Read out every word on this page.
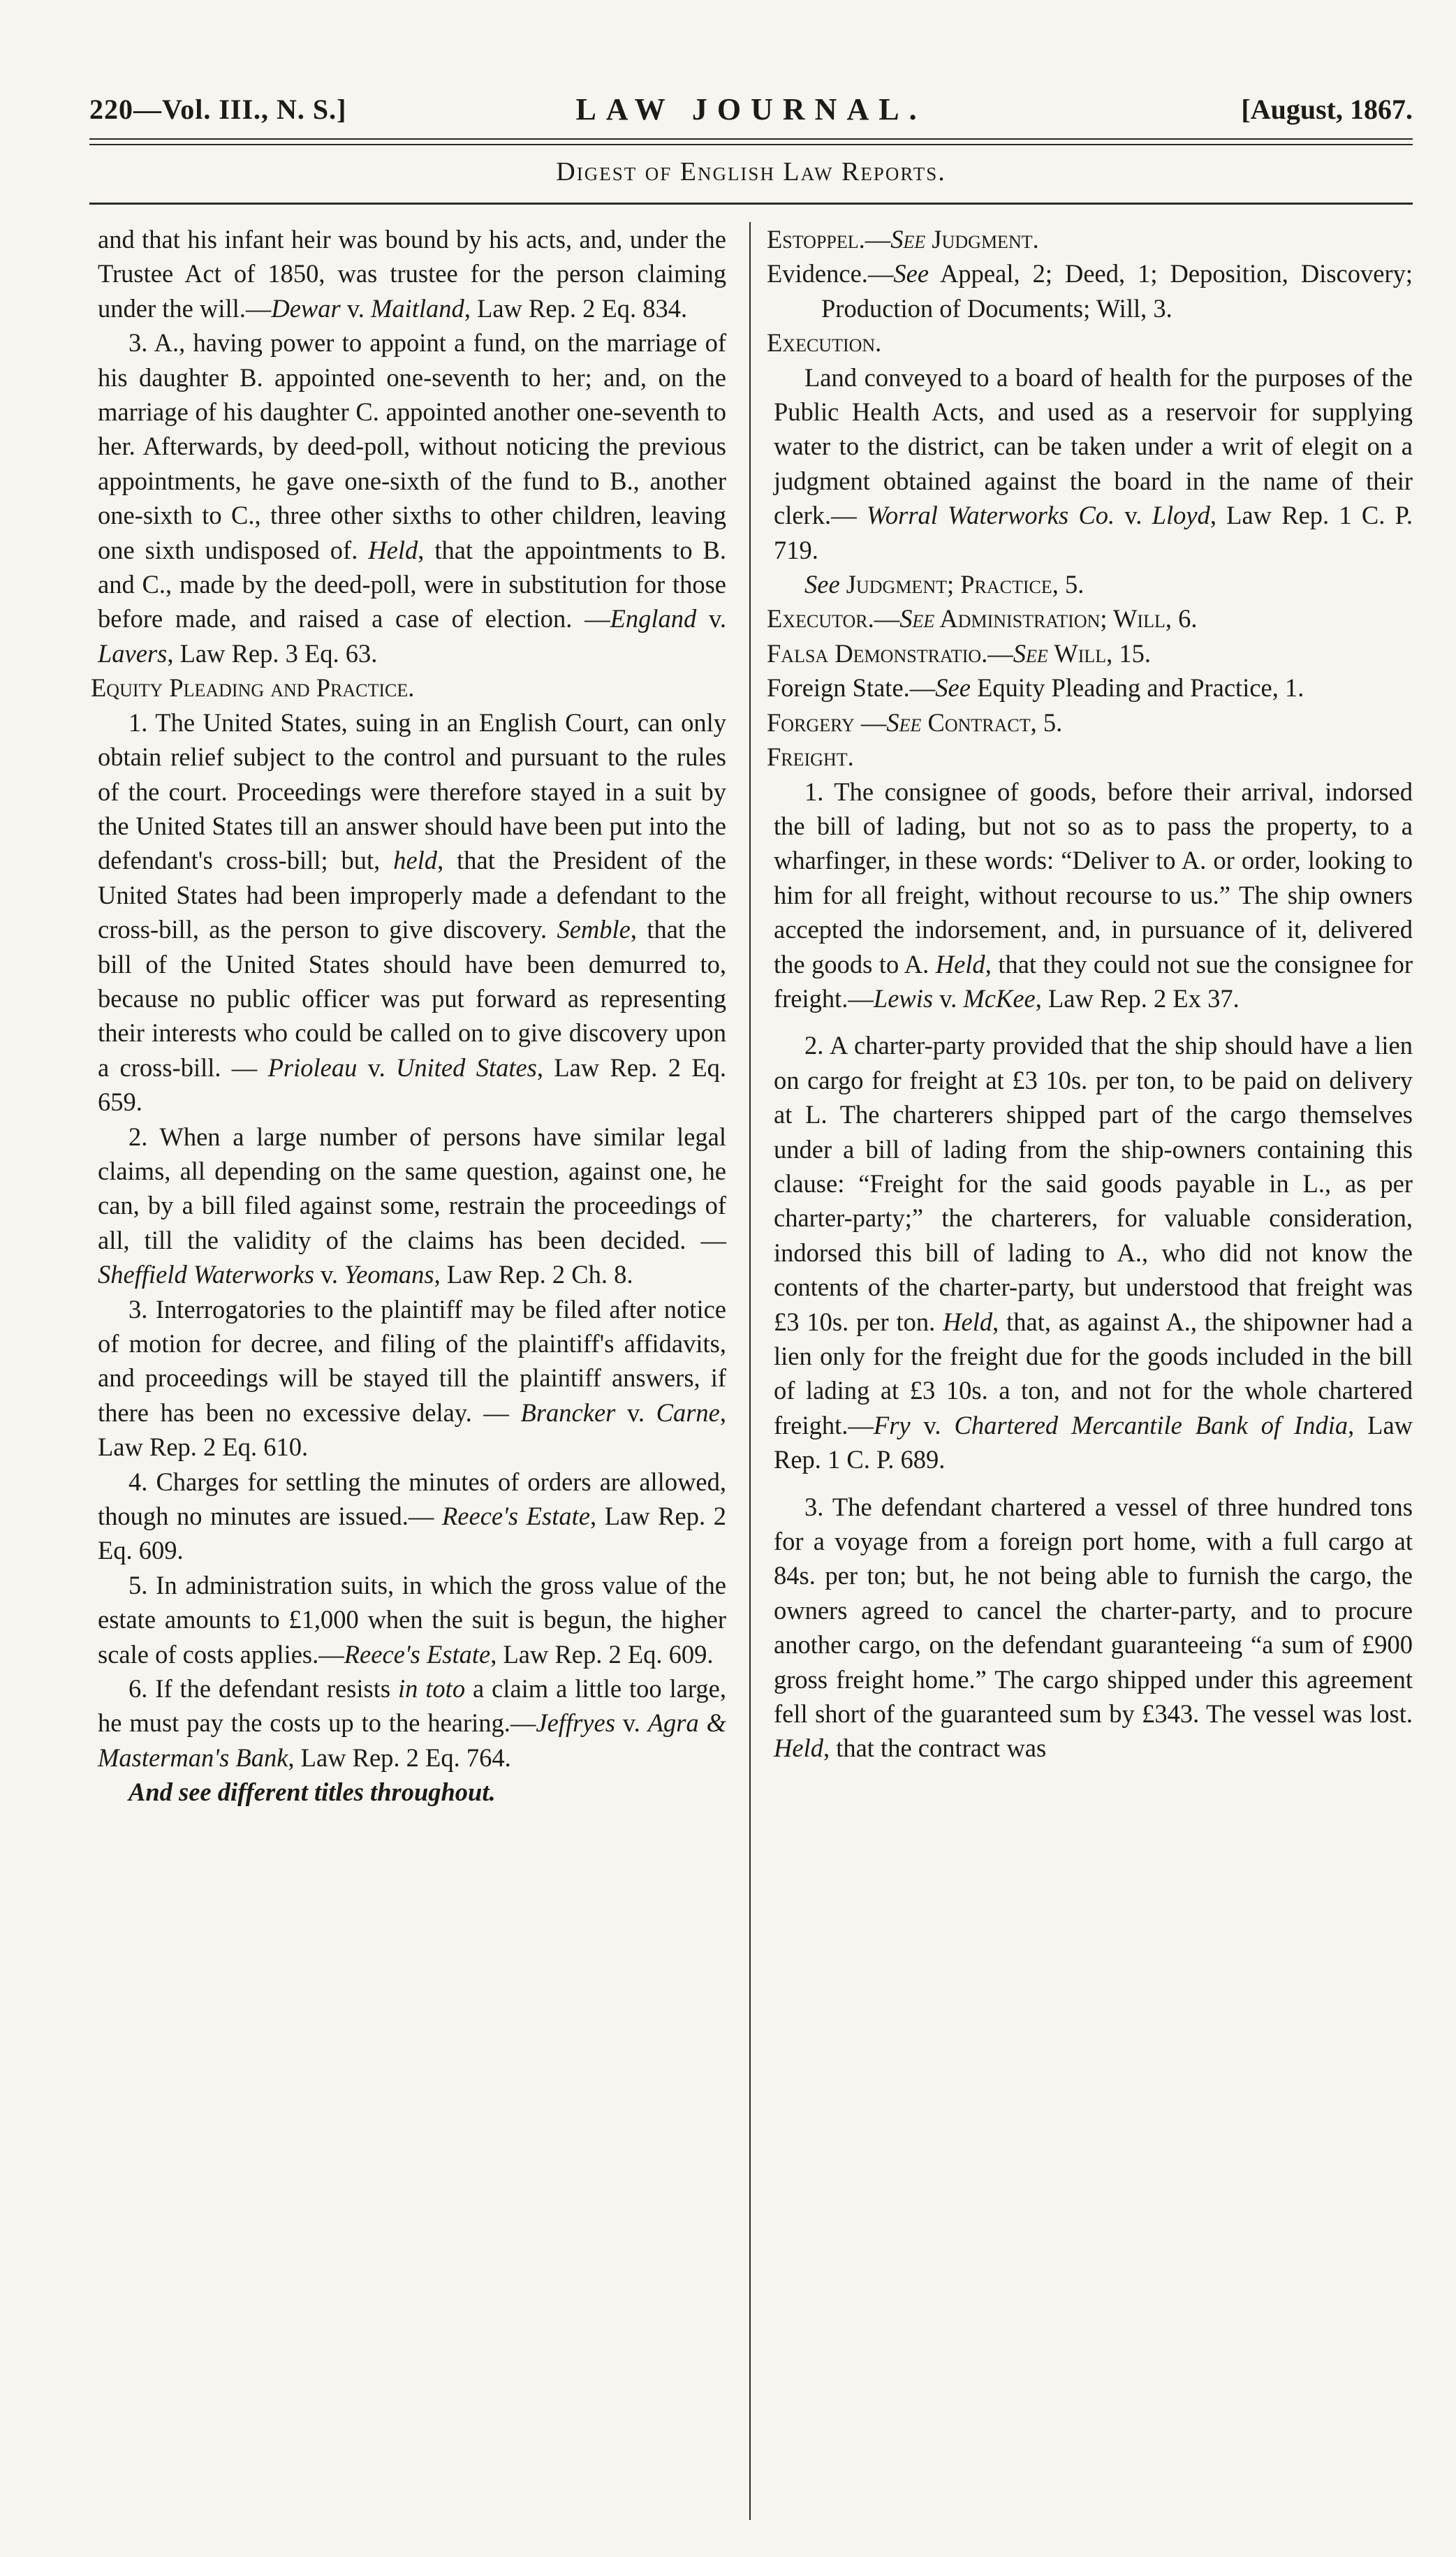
220—Vol. III., N. S.]	LAW JOURNAL.	[August, 1867.
Digest of English Law Reports.

and that his infant heir was bound by his acts, and, under the Trustee Act of 1850, was trustee for the person claiming under the will.—Dewar v. Maitland, Law Rep. 2 Eq. 834.

3. A., having power to appoint a fund, on the marriage of his daughter B. appointed one-seventh to her; and, on the marriage of his daughter C. appointed another one-seventh to her. Afterwards, by deed-poll, without noticing the previous appointments, he gave one-sixth of the fund to B., another one-sixth to C., three other sixths to other children, leaving one sixth undisposed of. Held, that the appointments to B. and C., made by the deed-poll, were in substitution for those before made, and raised a case of election. —England v. Lavers, Law Rep. 3 Eq. 63.

Equity Pleading and Practice.

1. The United States, suing in an English Court, can only obtain relief subject to the control and pursuant to the rules of the court. Proceedings were therefore stayed in a suit by the United States till an answer should have been put into the defendant's cross-bill; but, held, that the President of the United States had been improperly made a defendant to the cross-bill, as the person to give discovery. Semble, that the bill of the United States should have been demurred to, because no public officer was put forward as representing their interests who could be called on to give discovery upon a cross-bill. — Prioleau v. United States, Law Rep. 2 Eq. 659.

2. When a large number of persons have similar legal claims, all depending on the same question, against one, he can, by a bill filed against some, restrain the proceedings of all, till the validity of the claims has been decided. — Sheffield Waterworks v. Yeomans, Law Rep. 2 Ch. 8.

3. Interrogatories to the plaintiff may be filed after notice of motion for decree, and filing of the plaintiff's affidavits, and proceedings will be stayed till the plaintiff answers, if there has been no excessive delay. — Brancker v. Carne, Law Rep. 2 Eq. 610.

4. Charges for settling the minutes of orders are allowed, though no minutes are issued.— Reece's Estate, Law Rep. 2 Eq. 609.

5. In administration suits, in which the gross value of the estate amounts to £1,000 when the suit is begun, the higher scale of costs applies.—Reece's Estate, Law Rep. 2 Eq. 609.

6. If the defendant resists in toto a claim a little too large, he must pay the costs up to the hearing.—Jeffryes v. Agra & Masterman's Bank, Law Rep. 2 Eq. 764.

And see different titles throughout.

Estoppel.—See Judgment.

Evidence.—See Appeal, 2; Deed, 1; Deposition, Discovery; Production of Documents; Will, 3.

Execution.

Land conveyed to a board of health for the purposes of the Public Health Acts, and used as a reservoir for supplying water to the district, can be taken under a writ of elegit on a judgment obtained against the board in the name of their clerk.— Worral Waterworks Co. v. Lloyd, Law Rep. 1 C. P. 719.

See Judgment; Practice, 5.

Executor.—See Administration; Will, 6.

Falsa Demonstratio.—See Will, 15.

Foreign State.—See Equity Pleading and Practice, 1.

Forgery —See Contract, 5.

Freight.

1. The consignee of goods, before their arrival, indorsed the bill of lading, but not so as to pass the property, to a wharfinger, in these words: “Deliver to A. or order, looking to him for all freight, without recourse to us.” The ship owners accepted the indorsement, and, in pursuance of it, delivered the goods to A. Held, that they could not sue the consignee for freight.—Lewis v. McKee, Law Rep. 2 Ex 37.

2. A charter-party provided that the ship should have a lien on cargo for freight at £3 10s. per ton, to be paid on delivery at L. The charterers shipped part of the cargo themselves under a bill of lading from the ship-owners containing this clause: “Freight for the said goods payable in L., as per charter-party;” the charterers, for valuable consideration, indorsed this bill of lading to A., who did not know the contents of the charter-party, but understood that freight was £3 10s. per ton. Held, that, as against A., the shipowner had a lien only for the freight due for the goods included in the bill of lading at £3 10s. a ton, and not for the whole chartered freight.—Fry v. Chartered Mercantile Bank of India, Law Rep. 1 C. P. 689.

3. The defendant chartered a vessel of three hundred tons for a voyage from a foreign port home, with a full cargo at 84s. per ton; but, he not being able to furnish the cargo, the owners agreed to cancel the charter-party, and to procure another cargo, on the defendant guaranteeing “a sum of £900 gross freight home.” The cargo shipped under this agreement fell short of the guaranteed sum by £343. The vessel was lost. Held, that the contract was
